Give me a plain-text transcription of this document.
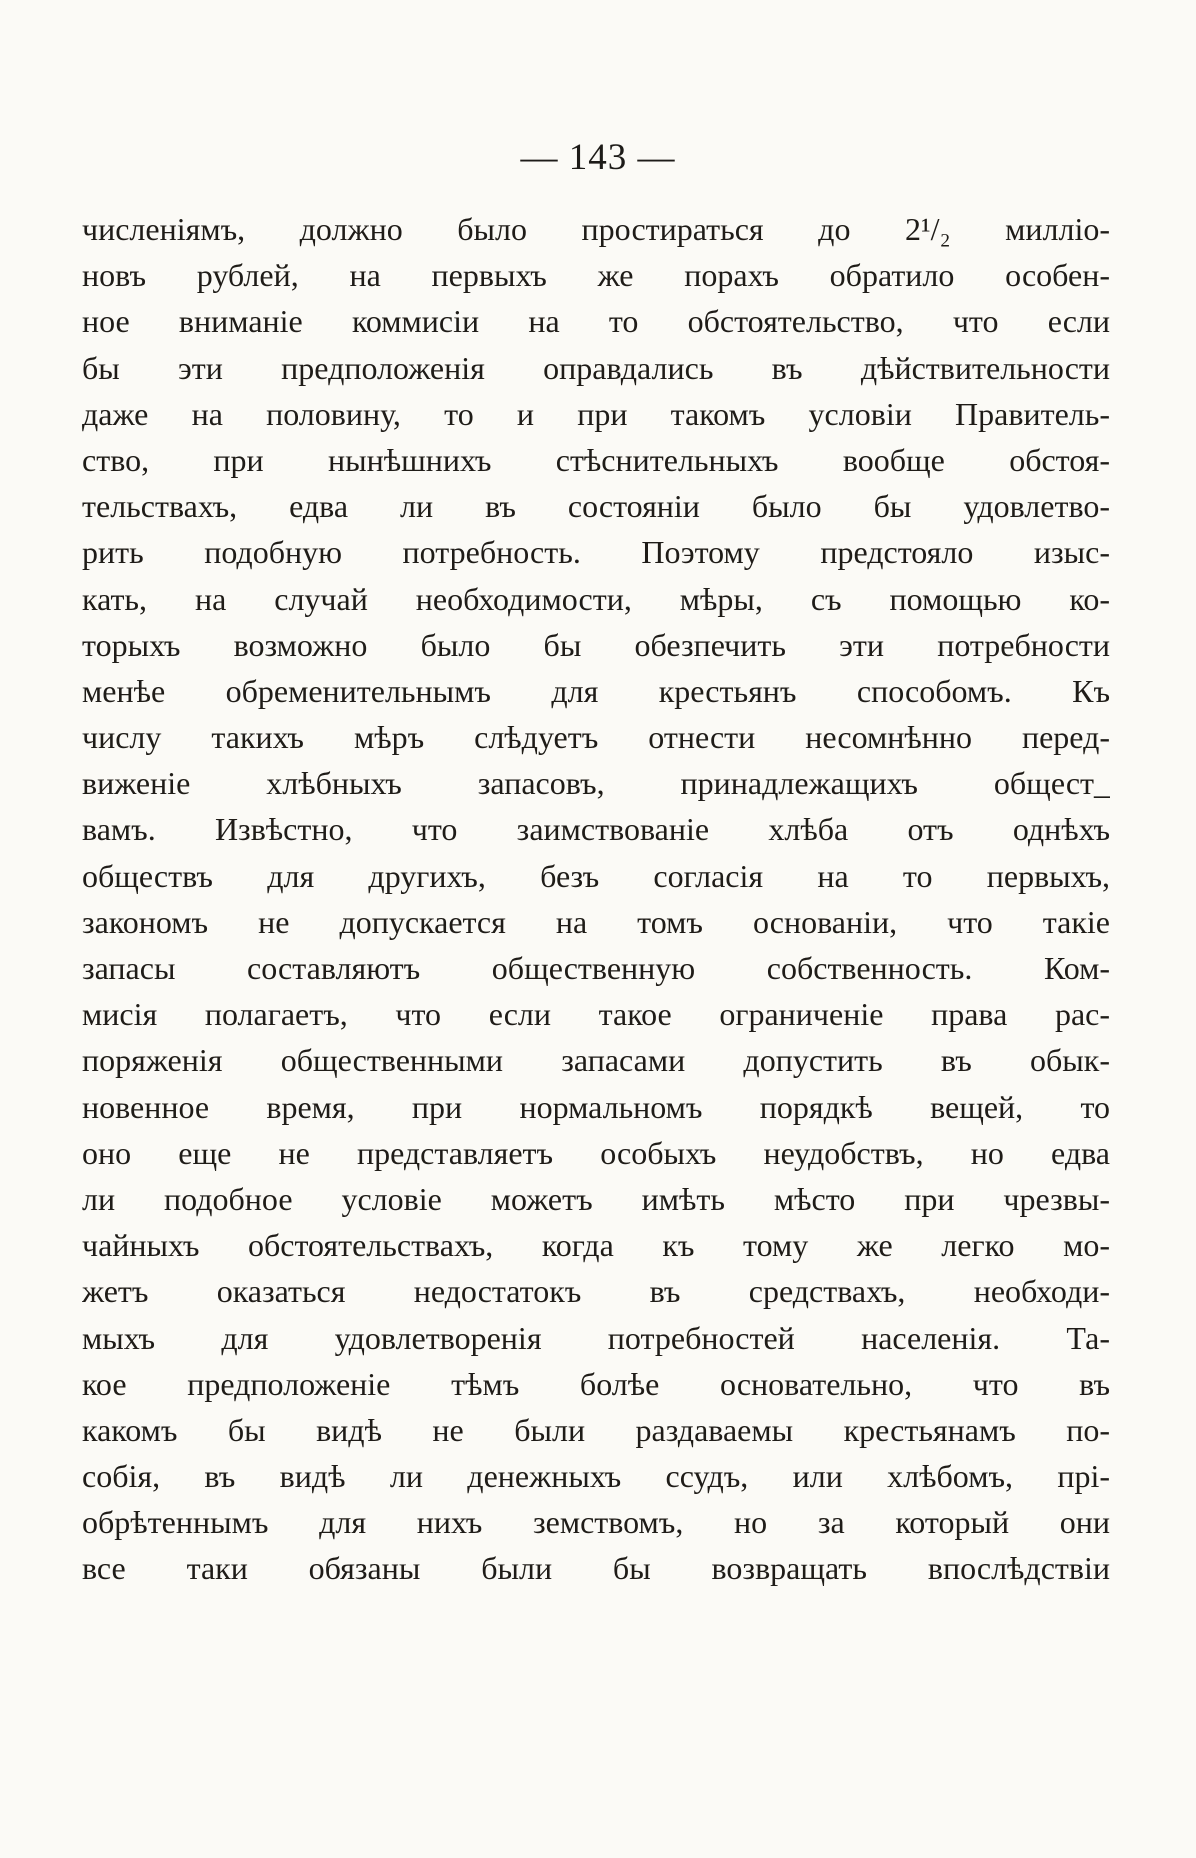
— 143 —
численіямъ, должно было простираться до 2¹/₂ милліо-
новъ рублей, на первыхъ же порахъ обратило особен-
ное вниманіе коммисіи на то обстоятельство, что если
бы эти предположенія оправдались въ дѣйствительности
даже на половину, то и при такомъ условіи Правитель-
ство, при нынѣшнихъ стѣснительныхъ вообще обстоя-
тельствахъ, едва ли въ состояніи было бы удовлетво-
рить подобную потребность. Поэтому предстояло изыс-
кать, на случай необходимости, мѣры, съ помощью ко-
торыхъ возможно было бы обезпечить эти потребности
менѣе обременительнымъ для крестьянъ способомъ. Къ
числу такихъ мѣръ слѣдуетъ отнести несомнѣнно перед-
виженіе хлѣбныхъ запасовъ, принадлежащихъ общест_
вамъ. Извѣстно, что заимствованіе хлѣба отъ однѣхъ
обществъ для другихъ, безъ согласія на то первыхъ,
закономъ не допускается на томъ основаніи, что такіе
запасы составляютъ общественную собственность. Ком-
мисія полагаетъ, что если такое ограниченіе права рас-
поряженія общественными запасами допустить въ обык-
новенное время, при нормальномъ порядкѣ вещей, то
оно еще не представляетъ особыхъ неудобствъ, но едва
ли подобное условіе можетъ имѣть мѣсто при чрезвы-
чайныхъ обстоятельствахъ, когда къ тому же легко мо-
жетъ оказаться недостатокъ въ средствахъ, необходи-
мыхъ для удовлетворенія потребностей населенія. Та-
кое предположеніе тѣмъ болѣе основательно, что въ
какомъ бы видѣ не были раздаваемы крестьянамъ по-
собія, въ видѣ ли денежныхъ ссудъ, или хлѣбомъ, прі-
обрѣтеннымъ для нихъ земствомъ, но за который они
все таки обязаны были бы возвращать впослѣдствіи
